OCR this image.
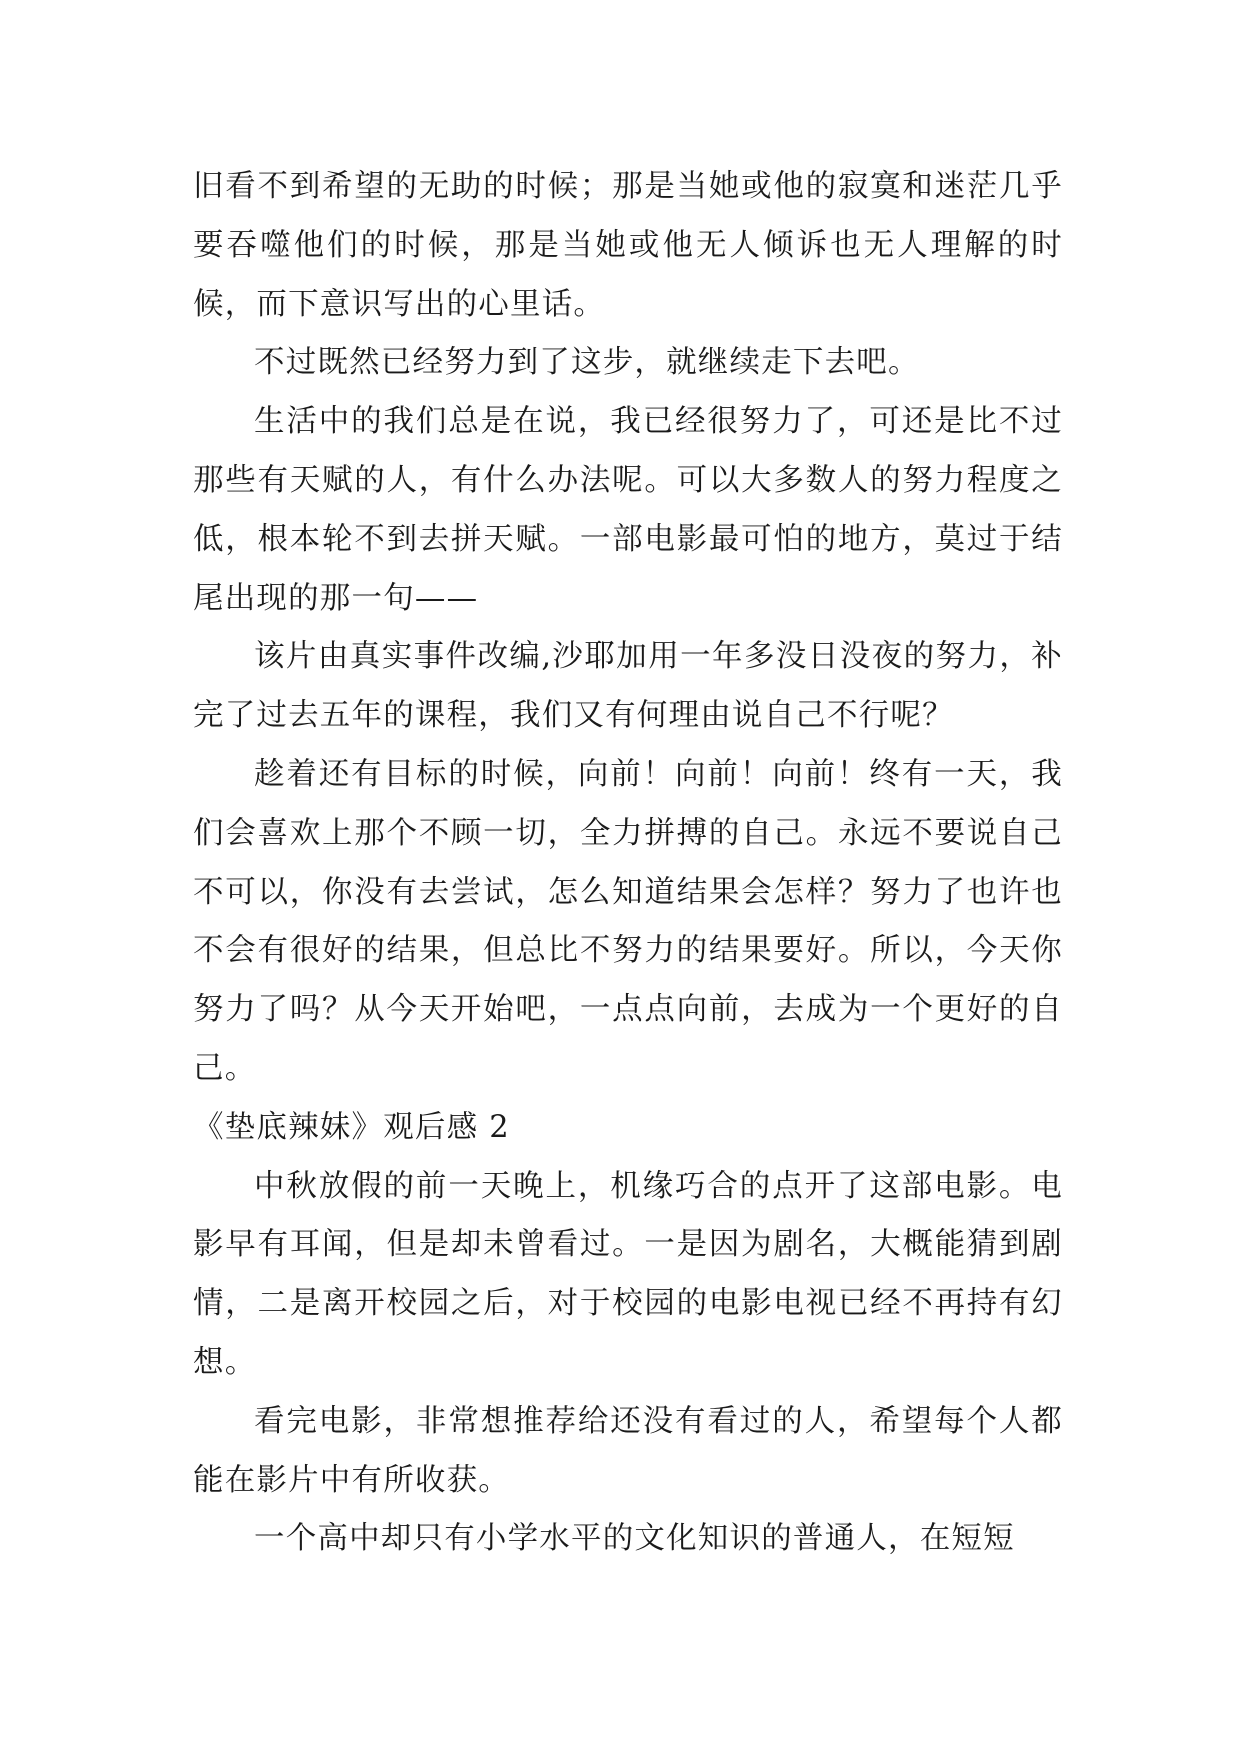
旧看不到希望的无助的时候；那是当她或他的寂寞和迷茫几乎要吞噬他们的时候，那是当她或他无人倾诉也无人理解的时候，而下意识写出的心里话。

不过既然已经努力到了这步，就继续走下去吧。

生活中的我们总是在说，我已经很努力了，可还是比不过那些有天赋的人，有什么办法呢。可以大多数人的努力程度之低，根本轮不到去拼天赋。一部电影最可怕的地方，莫过于结尾出现的那一句——

该片由真实事件改编,沙耶加用一年多没日没夜的努力，补完了过去五年的课程，我们又有何理由说自己不行呢？

趁着还有目标的时候，向前！向前！向前！终有一天，我们会喜欢上那个不顾一切，全力拼搏的自己。永远不要说自己不可以，你没有去尝试，怎么知道结果会怎样？努力了也许也不会有很好的结果，但总比不努力的结果要好。所以，今天你努力了吗？从今天开始吧，一点点向前，去成为一个更好的自己。

《垫底辣妹》观后感 2

中秋放假的前一天晚上，机缘巧合的点开了这部电影。电影早有耳闻，但是却未曾看过。一是因为剧名，大概能猜到剧情，二是离开校园之后，对于校园的电影电视已经不再持有幻想。

看完电影，非常想推荐给还没有看过的人，希望每个人都能在影片中有所收获。

一个高中却只有小学水平的文化知识的普通人，在短短
